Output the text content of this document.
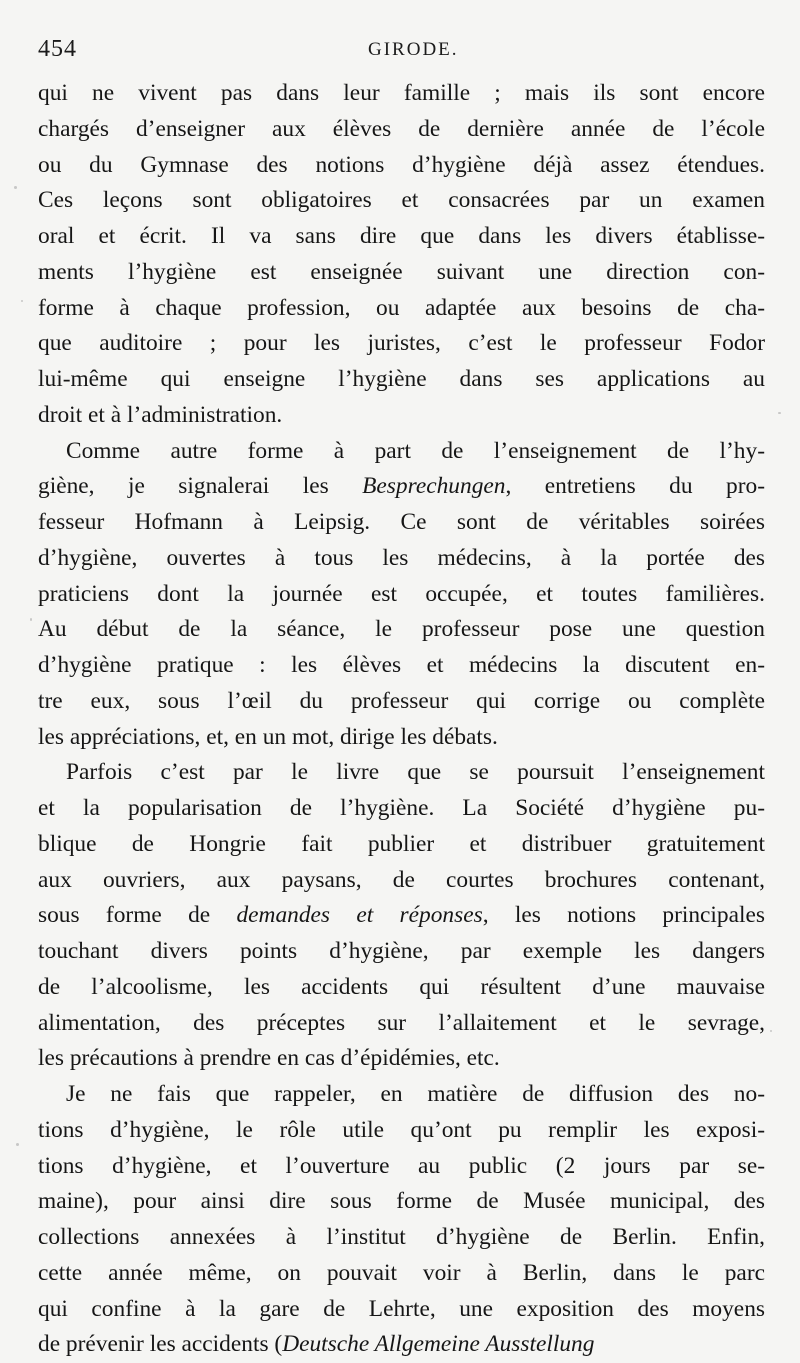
454	GIRODE.
qui ne vivent pas dans leur famille ; mais ils sont encore
chargés d’enseigner aux élèves de dernière année de l’école
ou du Gymnase des notions d’hygiène déjà assez étendues.
Ces leçons sont obligatoires et consacrées par un examen
oral et écrit. Il va sans dire que dans les divers établisse-
ments l’hygiène est enseignée suivant une direction con-
forme à chaque profession, ou adaptée aux besoins de cha-
que auditoire ; pour les juristes, c’est le professeur Fodor
lui-même qui enseigne l’hygiène dans ses applications au
droit et à l’administration.
Comme autre forme à part de l’enseignement de l’hy-
giène, je signalerai les Besprechungen, entretiens du pro-
fesseur Hofmann à Leipsig. Ce sont de véritables soirées
d’hygiène, ouvertes à tous les médecins, à la portée des
praticiens dont la journée est occupée, et toutes familières.
Au début de la séance, le professeur pose une question
d’hygiène pratique : les élèves et médecins la discutent en-
tre eux, sous l’œil du professeur qui corrige ou complète
les appréciations, et, en un mot, dirige les débats.
Parfois c’est par le livre que se poursuit l’enseignement
et la popularisation de l’hygiène. La Société d’hygiène pu-
blique de Hongrie fait publier et distribuer gratuitement
aux ouvriers, aux paysans, de courtes brochures contenant,
sous forme de demandes et réponses, les notions principales
touchant divers points d’hygiène, par exemple les dangers
de l’alcoolisme, les accidents qui résultent d’une mauvaise
alimentation, des préceptes sur l’allaitement et le sevrage,
les précautions à prendre en cas d’épidémies, etc.
Je ne fais que rappeler, en matière de diffusion des no-
tions d’hygiène, le rôle utile qu’ont pu remplir les exposi-
tions d’hygiène, et l’ouverture au public (2 jours par se-
maine), pour ainsi dire sous forme de Musée municipal, des
collections annexées à l’institut d’hygiène de Berlin. Enfin,
cette année même, on pouvait voir à Berlin, dans le parc
qui confine à la gare de Lehrte, une exposition des moyens
de prévenir les accidents (Deutsche Allgemeine Ausstellung
